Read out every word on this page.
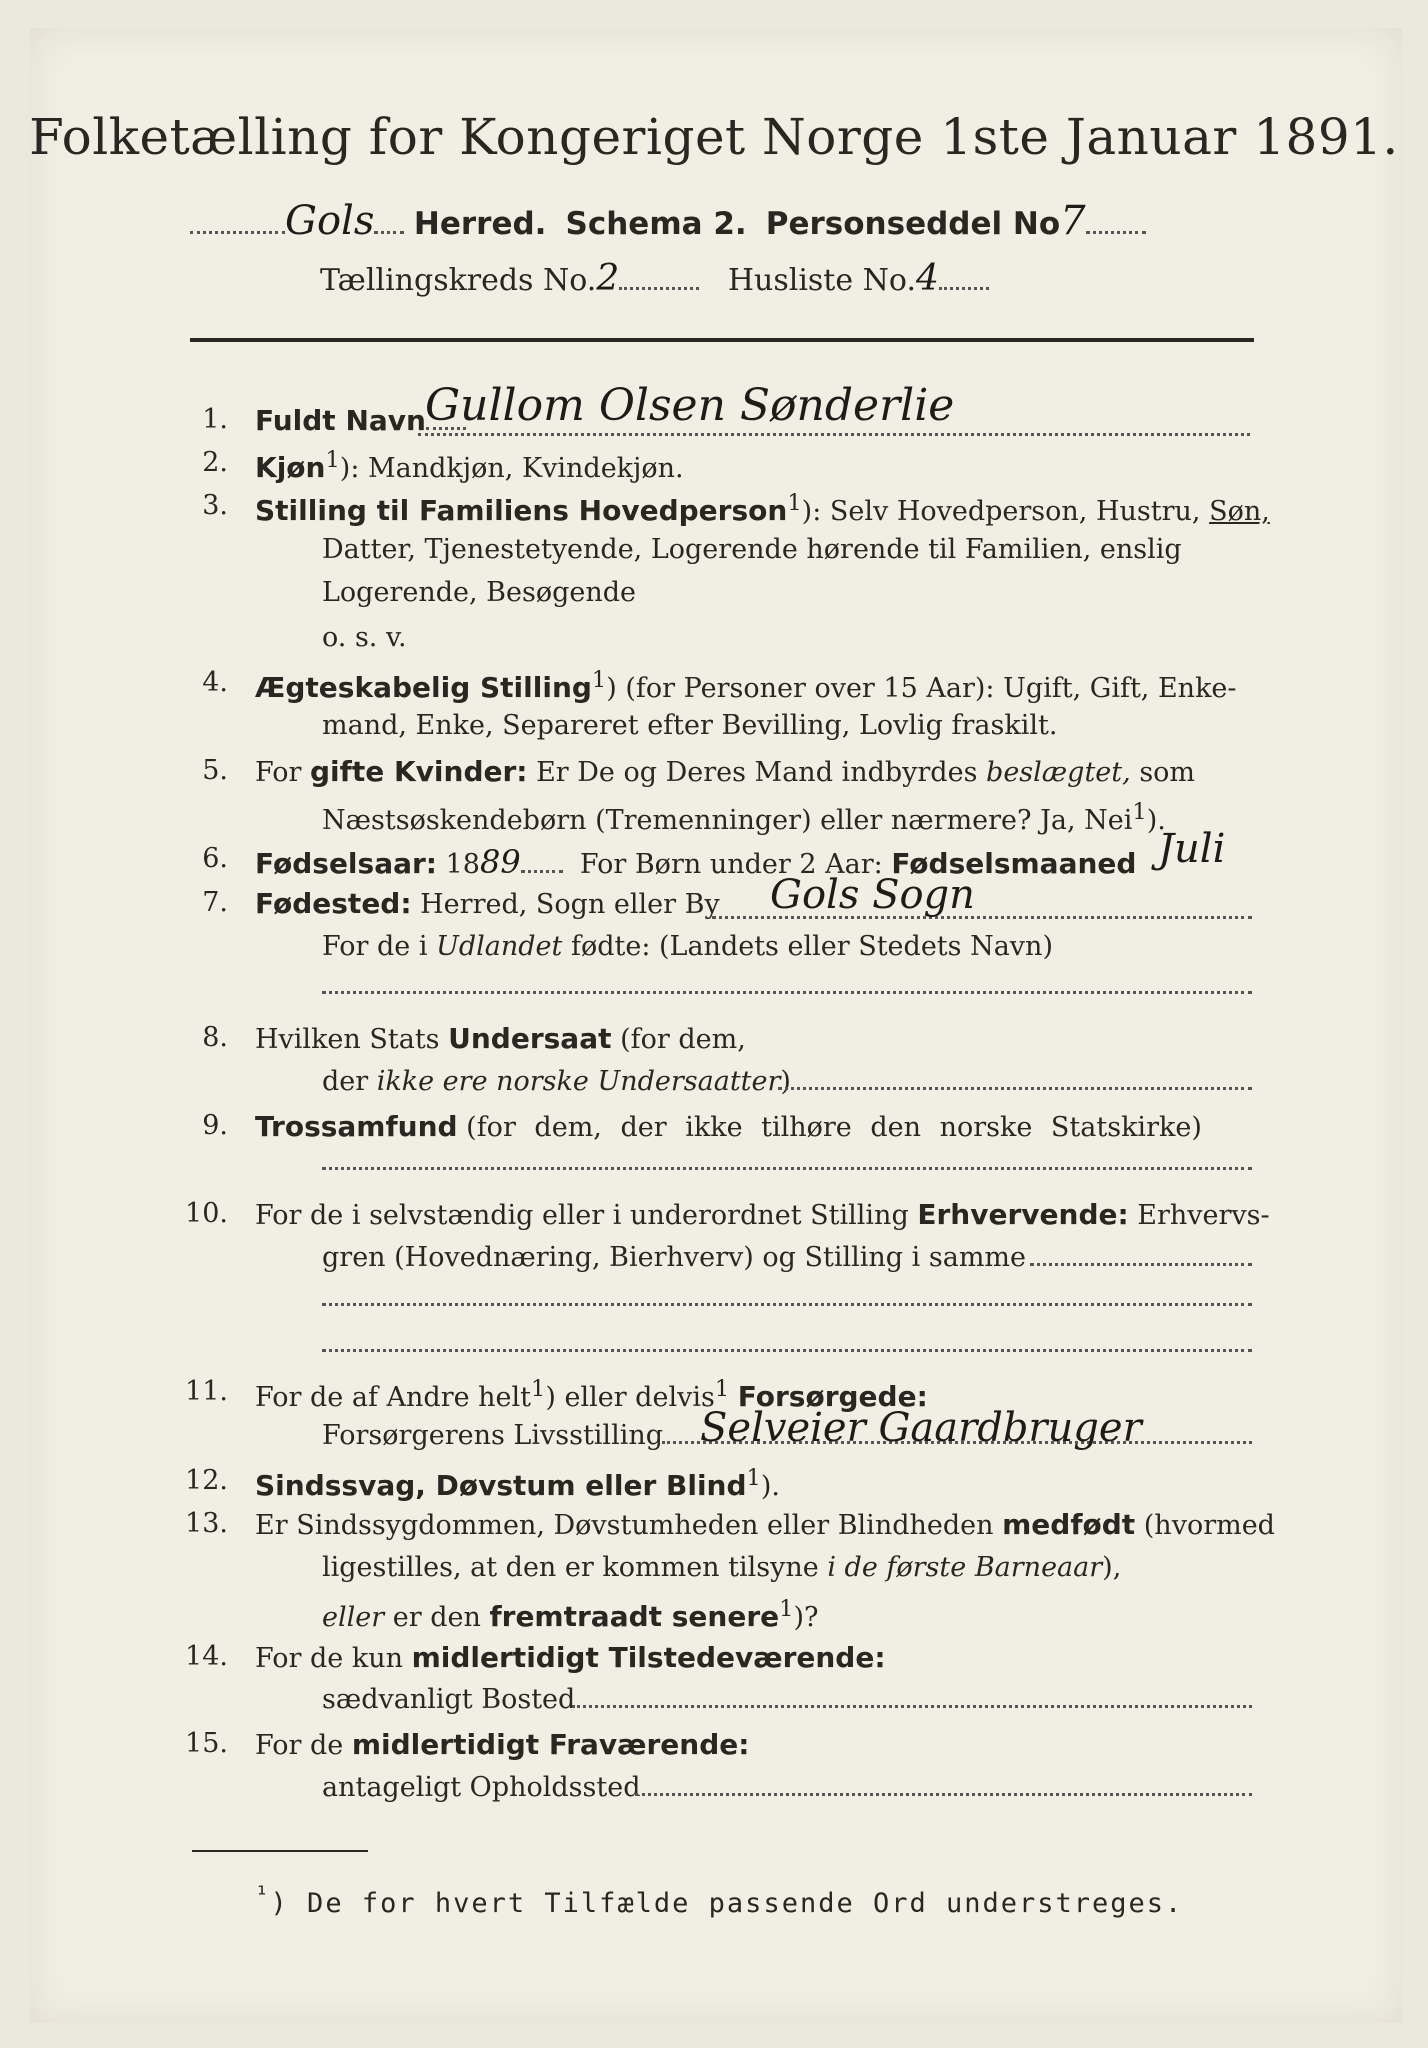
Folketælling for Kongeriget Norge 1ste Januar 1891.
Gols Herred. Schema 2. Personseddel No7
Tællingskreds No.2	Husliste No.4
1. Fuldt Navn Gullom Olsen Sønderlie
2. Kjøn$^1$): Mandkjøn, Kvindekjøn.
3. Stilling til Familiens Hovedperson$^1$): Selv Hovedperson, Hustru, Søn,
Datter, Tjenestetyende, Logerende hørende til Familien, enslig
Logerende, Besøgende
o. s. v.
4. Ægteskabelig Stilling$^1$) (for Personer over 15 Aar): Ugift, Gift, Enke-
mand, Enke, Separeret efter Bevilling, Lovlig fraskilt.
5. For gifte Kvinder: Er De og Deres Mand indbyrdes beslægtet, som
Næstsøskendebørn (Tremenninger) eller nærmere? Ja, Nei$^1$).
6. Fødselsaar: 1889 For Børn under 2 Aar: Fødselsmaaned Juli
7. Fødested: Herred, Sogn eller By Gols Sogn
For de i Udlandet fødte: (Landets eller Stedets Navn)
8. Hvilken Stats Undersaat (for dem,
der ikke ere norske Undersaatter)
9. Trossamfund (for dem, der ikke tilhøre den norske Statskirke)
10. For de i selvstændig eller i underordnet Stilling Erhvervende: Erhvervs-
gren (Hovednæring, Bierhverv) og Stilling i samme
11. For de af Andre helt$^1$) eller delvis$^1$ Forsørgede:
Forsørgerens Livsstilling Selveier Gaardbruger
12. Sindssvag, Døvstum eller Blind$^1$).
13. Er Sindssygdommen, Døvstumheden eller Blindheden medfødt (hvormed
ligestilles, at den er kommen tilsyne i de første Barneaar),
eller er den fremtraadt senere$^1$)?
14. For de kun midlertidigt Tilstedeværende:
sædvanligt Bosted
15. For de midlertidigt Fraværende:
antageligt Opholdssted
$^{^1}$) De for hvert Tilfælde passende Ord understreges.
